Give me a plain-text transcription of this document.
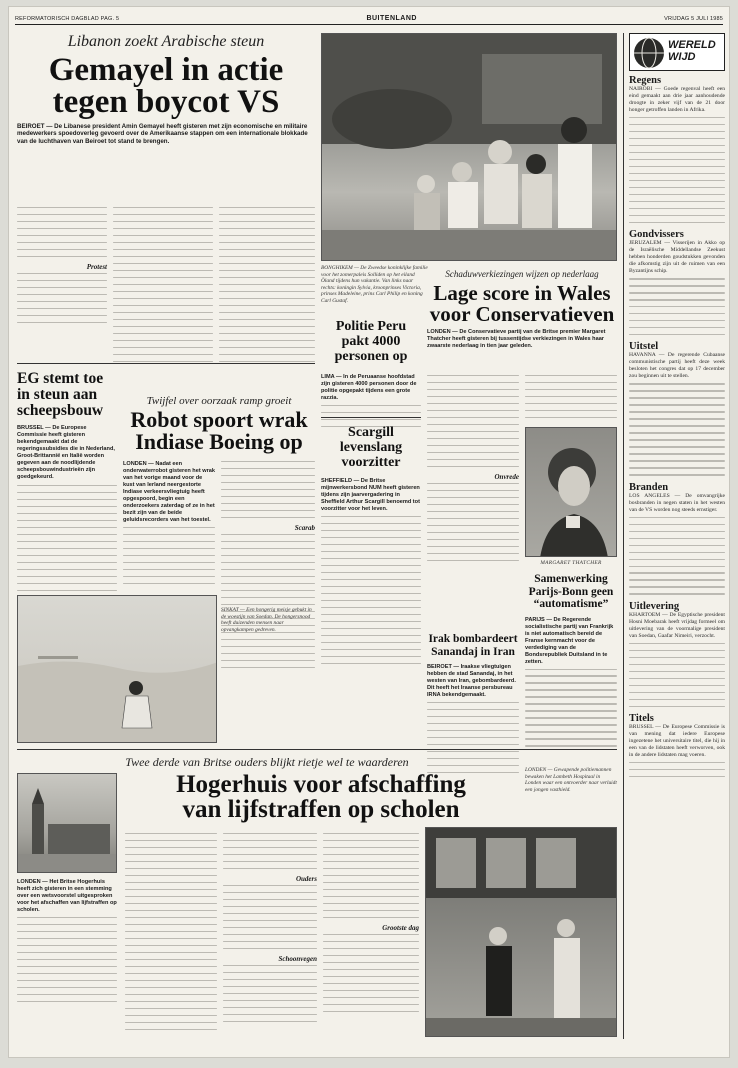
REFORMATORISCH DAGBLAD PAG. 5	BUITENLAND	VRIJDAG 5 JULI 1985
Libanon zoekt Arabische steun
Gemayel in actie
tegen boycot VS
BEIROET — De Libanese president Amin Gemayel heeft gisteren met zijn economische en militaire medewerkers spoedoverleg gevoerd over de Amerikaanse stappen om een internationale blokkade van de luchthaven van Beiroet tot stand te brengen.
Protest	BONGHIKEM — De Zweedse koninklijke familie voor het zomerpaleis Solliden op het eiland Öland tijdens hun vakantie. Van links naar rechts: koningin Sylvia, kroonprinses Victoria, prinses Madeleine, prins Carl Philip en koning Carl Gustaf.
EG stemt toe in steun aan scheepsbouw
BRUSSEL — De Europese Commissie heeft gisteren bekendgemaakt dat de regeringssubsidies die in Nederland, Groot-Brittannië en Italië worden gegeven aan de noodlijdende scheepsbouwindustrieën zijn goedgekeurd.
Twijfel over oorzaak ramp groeit
Robot spoort wrak
Indiase Boeing op
LONDEN — Nadat een onderwaterrobot gisteren het wrak van het vorige maand voor de kust van Ierland neergestorte Indiase verkeersvliegtuig heeft opgespoord, begin een onderzoekers zaterdag of ze in het bezit zijn van de beide geluidsrecorders van het toestel.
Scarab
SINKAT — Een hongerig meisje gebukt in de woestijn van Soedan. De hongersnood heeft duizenden mensen naar opvangkampen gedreven.
Politie Peru pakt 4000 personen op
LIMA — In de Peruaanse hoofdstad zijn gisteren 4000 personen door de politie opgepakt tijdens een grote razzia.
Scargill levenslang voorzitter
SHEFFIELD — De Britse mijnwerkersbond NUM heeft gisteren tijdens zijn jaarvergadering in Sheffield Arthur Scargill benoemd tot voorzitter voor het leven.
Schaduwverkiezingen wijzen op nederlaag
Lage score in Wales
voor Conservatieven
LONDEN — De Conservatieve partij van de Britse premier Margaret Thatcher heeft gisteren bij tussentijdse verkiezingen in Wales haar zwaarste nederlaag in tien jaar geleden.
Onvrede
MARGARET THATCHER
Samenwerking Parijs-Bonn geen “automatisme”
PARIJS — De Regerende socialistische partij van Frankrijk is niet automatisch bereid de Franse kernmacht voor de verdediging van de Bondsrepubliek Duitsland in te zetten.
Irak bombardeert Sanandaj in Iran
BEIROET — Iraakse vliegtuigen hebben de stad Sanandaj, in het westen van Iran, gebombardeerd. Dit heeft het Iraanse persbureau IRNA bekendgemaakt.
LONDEN — Gewapende politiemannen bewaken het Lambeth Hospitaal in Londen waar een ontvoerder naar verluidt een jongen vasthield.
Twee derde van Britse ouders blijkt rietje wel te waarderen
Hogerhuis voor afschaffing
van lijfstraffen op scholen
LONDEN — Het Britse Hogerhuis heeft zich gisteren in een stemming over een wetsvoorstel uitgesproken voor het afschaffen van lijfstraffen op scholen.
Ouders
Schoonvegen
Grootste dag
WERELD
WIJD
Regens
NAIROBI — Goede regenval heeft een eind gemaakt aan drie jaar aanhoudende droogte in zeker vijf van de 21 door honger getroffen landen in Afrika.
Gondvissers
JERUZALEM — Visserijen in Akko op de Israëlische Middellandse Zeekust hebben honderden goudstukken gevonden die afkomstig zijn uit de ruimen van een Byzantijns schip.
Uitstel
HAVANNA — De regerende Cubaanse communistische partij heeft deze week besloten het congres dat op 17 december zou beginnen uit te stellen.
Branden
LOS ANGELES — De omvangrijke bosbranden in negen staten in het westen van de VS worden nog steeds ernstiger.
Uitlevering
KHARTOEM — De Egyptische president Hosni Moebarak heeft vrijdag formeel om uitlevering van de voormalige president van Soedan, Gaafar Nimeiri, verzocht.
Titels
BRUSSEL — De Europese Commissie is van mening dat iedere Europese ingezetene het universitaire titel, die hij in een van de lidstaten heeft verworven, ook in de andere lidstaten mag voeren.
